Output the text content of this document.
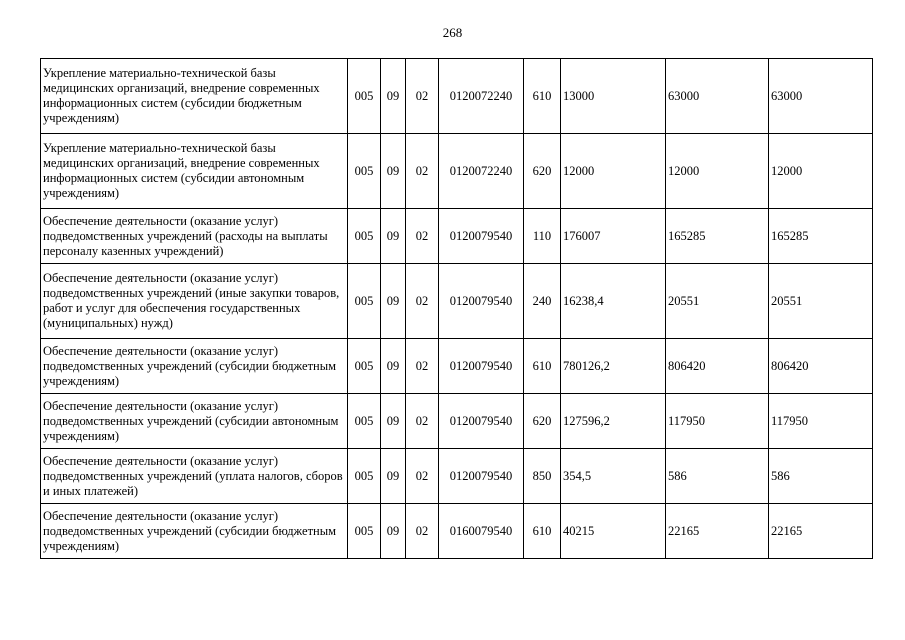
268
Укрепление материально-технической базы медицинских организаций, внедрение современных информационных систем (субсидии бюджетным учреждениям)	005	09	02	0120072240	610	13000	63000	63000
Укрепление материально-технической базы медицинских организаций, внедрение современных информационных систем (субсидии автономным учреждениям)	005	09	02	0120072240	620	12000	12000	12000
Обеспечение деятельности (оказание услуг) подведомственных учреждений (расходы на выплаты персоналу казенных учреждений)	005	09	02	0120079540	110	176007	165285	165285
Обеспечение деятельности (оказание услуг) подведомственных учреждений (иные закупки товаров, работ и услуг для обеспечения государственных (муниципальных) нужд)	005	09	02	0120079540	240	16238,4	20551	20551
Обеспечение деятельности (оказание услуг) подведомственных учреждений (субсидии бюджетным учреждениям)	005	09	02	0120079540	610	780126,2	806420	806420
Обеспечение деятельности (оказание услуг) подведомственных учреждений (субсидии автономным учреждениям)	005	09	02	0120079540	620	127596,2	117950	117950
Обеспечение деятельности (оказание услуг) подведомственных учреждений (уплата налогов, сборов и иных платежей)	005	09	02	0120079540	850	354,5	586	586
Обеспечение деятельности (оказание услуг) подведомственных учреждений (субсидии бюджетным учреждениям)	005	09	02	0160079540	610	40215	22165	22165
